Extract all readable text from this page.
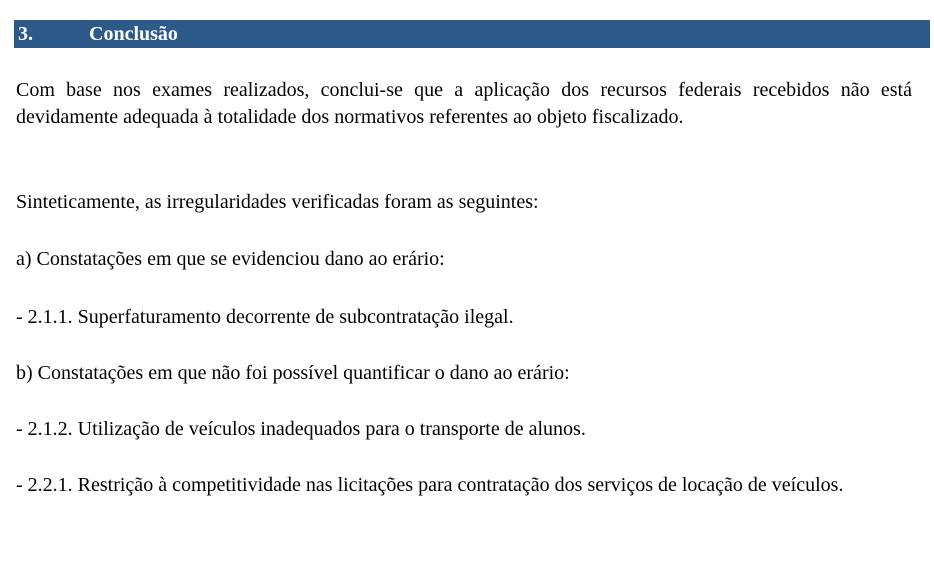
3.	Conclusão

Com base nos exames realizados, conclui-se que a aplicação dos recursos federais recebidos não está devidamente adequada à totalidade dos normativos referentes ao objeto fiscalizado.

Sinteticamente, as irregularidades verificadas foram as seguintes:

a) Constatações em que se evidenciou dano ao erário:

- 2.1.1. Superfaturamento decorrente de subcontratação ilegal.

b) Constatações em que não foi possível quantificar o dano ao erário:

- 2.1.2. Utilização de veículos inadequados para o transporte de alunos.

- 2.2.1. Restrição à competitividade nas licitações para contratação dos serviços de locação de veículos.
